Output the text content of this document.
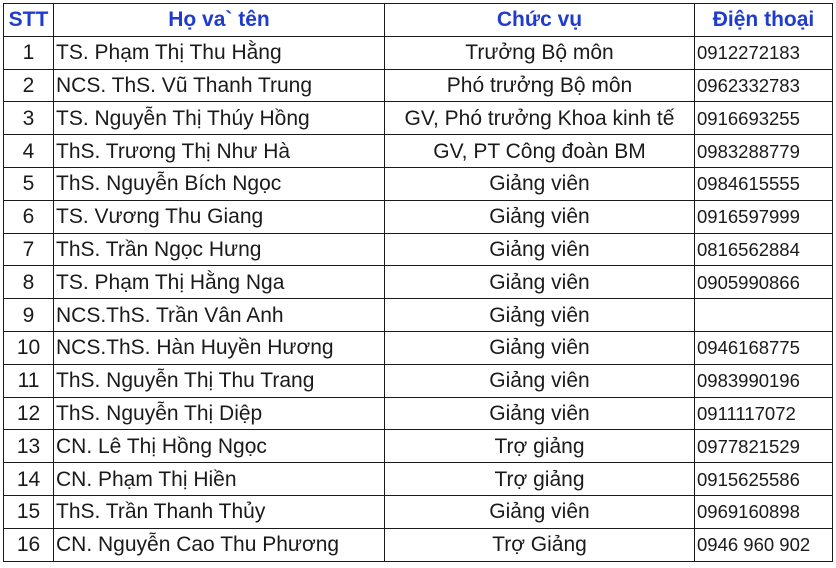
STT	Họ va` tên	Chức vụ	Điện thoại
1	TS. Phạm Thị Thu Hằng	Trưởng Bộ môn	0912272183
2	NCS. ThS. Vũ Thanh Trung	Phó trưởng Bộ môn	0962332783
3	TS. Nguyễn Thị Thúy Hồng	GV, Phó trưởng Khoa kinh tế	0916693255
4	ThS. Trương Thị Như Hà	GV, PT Công đoàn BM	0983288779
5	ThS. Nguyễn Bích Ngọc	Giảng viên	0984615555
6	TS. Vương Thu Giang	Giảng viên	0916597999
7	ThS. Trần Ngọc Hưng	Giảng viên	0816562884
8	TS. Phạm Thị Hằng Nga	Giảng viên	0905990866
9	NCS.ThS. Trần Vân Anh	Giảng viên	
10	NCS.ThS. Hàn Huyền Hương	Giảng viên	0946168775
11	ThS. Nguyễn Thị Thu Trang	Giảng viên	0983990196
12	ThS. Nguyễn Thị Diệp	Giảng viên	0911117072
13	CN. Lê Thị Hồng Ngọc	Trợ giảng	0977821529
14	CN. Phạm Thị Hiền	Trợ giảng	0915625586
15	ThS. Trần Thanh Thủy	Giảng viên	0969160898
16	CN. Nguyễn Cao Thu Phương	Trợ Giảng	0946 960 902
